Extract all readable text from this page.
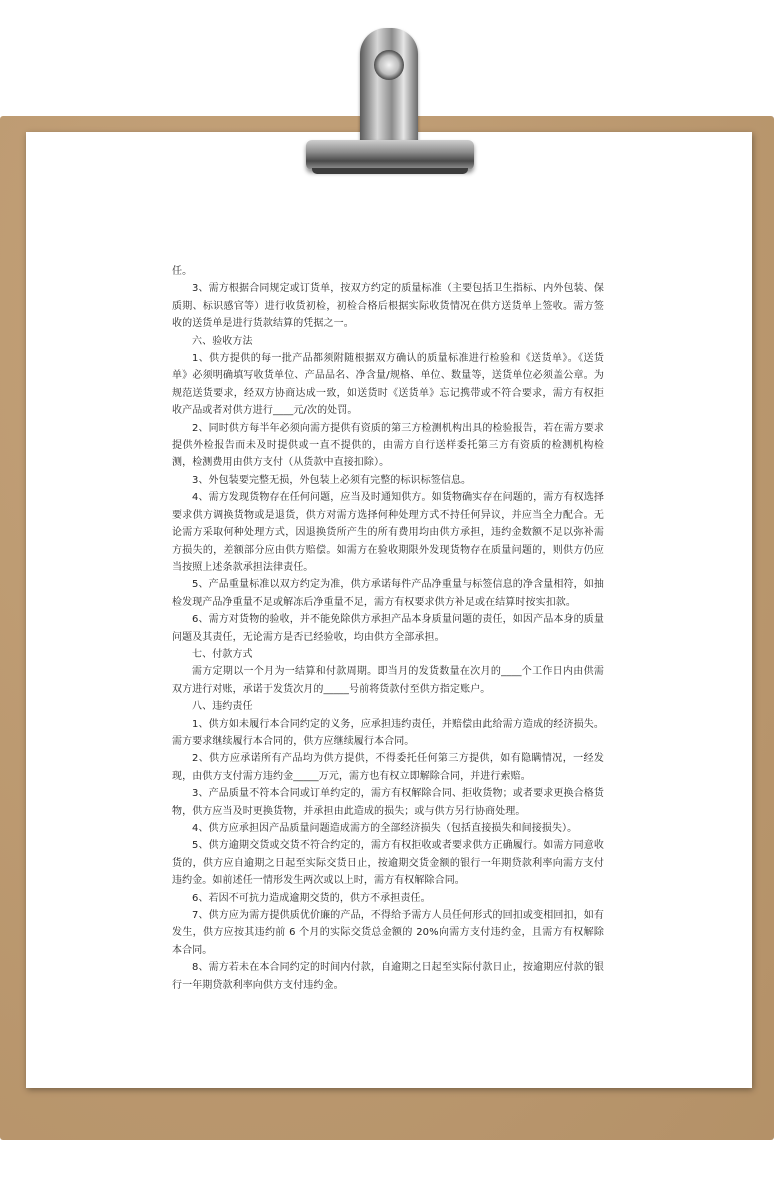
任。

3、需方根据合同规定或订货单，按双方约定的质量标准（主要包括卫生指标、内外包装、保质期、标识感官等）进行收货初检，初检合格后根据实际收货情况在供方送货单上签收。需方签收的送货单是进行货款结算的凭据之一。

六、验收方法

1、供方提供的每一批产品都须附随根据双方确认的质量标准进行检验和《送货单》。《送货单》必须明确填写收货单位、产品品名、净含量/规格、单位、数量等，送货单位必须盖公章。为规范送货要求，经双方协商达成一致，如送货时《送货单》忘记携带或不符合要求，需方有权拒收产品或者对供方进行____元/次的处罚。

2、同时供方每半年必须向需方提供有资质的第三方检测机构出具的检验报告，若在需方要求提供外检报告而未及时提供或一直不提供的，由需方自行送样委托第三方有资质的检测机构检测，检测费用由供方支付（从货款中直接扣除）。

3、外包装要完整无损，外包装上必须有完整的标识标签信息。

4、需方发现货物存在任何问题，应当及时通知供方。如货物确实存在问题的，需方有权选择要求供方调换货物或是退货，供方对需方选择何种处理方式不持任何异议，并应当全力配合。无论需方采取何种处理方式，因退换货所产生的所有费用均由供方承担，违约金数额不足以弥补需方损失的，差额部分应由供方赔偿。如需方在验收期限外发现货物存在质量问题的，则供方仍应当按照上述条款承担法律责任。

5、产品重量标准以双方约定为准，供方承诺每件产品净重量与标签信息的净含量相符，如抽检发现产品净重量不足或解冻后净重量不足，需方有权要求供方补足或在结算时按实扣款。

6、需方对货物的验收，并不能免除供方承担产品本身质量问题的责任，如因产品本身的质量问题及其责任，无论需方是否已经验收，均由供方全部承担。

七、付款方式

需方定期以一个月为一结算和付款周期。即当月的发货数量在次月的____个工作日内由供需双方进行对账，承诺于发货次月的_____号前将货款付至供方指定账户。

八、违约责任

1、供方如未履行本合同约定的义务，应承担违约责任，并赔偿由此给需方造成的经济损失。需方要求继续履行本合同的，供方应继续履行本合同。

2、供方应承诺所有产品均为供方提供，不得委托任何第三方提供，如有隐瞒情况，一经发现，由供方支付需方违约金_____万元，需方也有权立即解除合同，并进行索赔。

3、产品质量不符本合同或订单约定的，需方有权解除合同、拒收货物；或者要求更换合格货物，供方应当及时更换货物，并承担由此造成的损失；或与供方另行协商处理。

4、供方应承担因产品质量问题造成需方的全部经济损失（包括直接损失和间接损失）。

5、供方逾期交货或交货不符合约定的，需方有权拒收或者要求供方正确履行。如需方同意收货的，供方应自逾期之日起至实际交货日止，按逾期交货金额的银行一年期贷款利率向需方支付违约金。如前述任一情形发生两次或以上时，需方有权解除合同。

6、若因不可抗力造成逾期交货的，供方不承担责任。

7、供方应为需方提供质优价廉的产品，不得给予需方人员任何形式的回扣或变相回扣，如有发生，供方应按其违约前 6 个月的实际交货总金额的 20%向需方支付违约金，且需方有权解除本合同。

8、需方若未在本合同约定的时间内付款，自逾期之日起至实际付款日止，按逾期应付款的银行一年期贷款利率向供方支付违约金。
